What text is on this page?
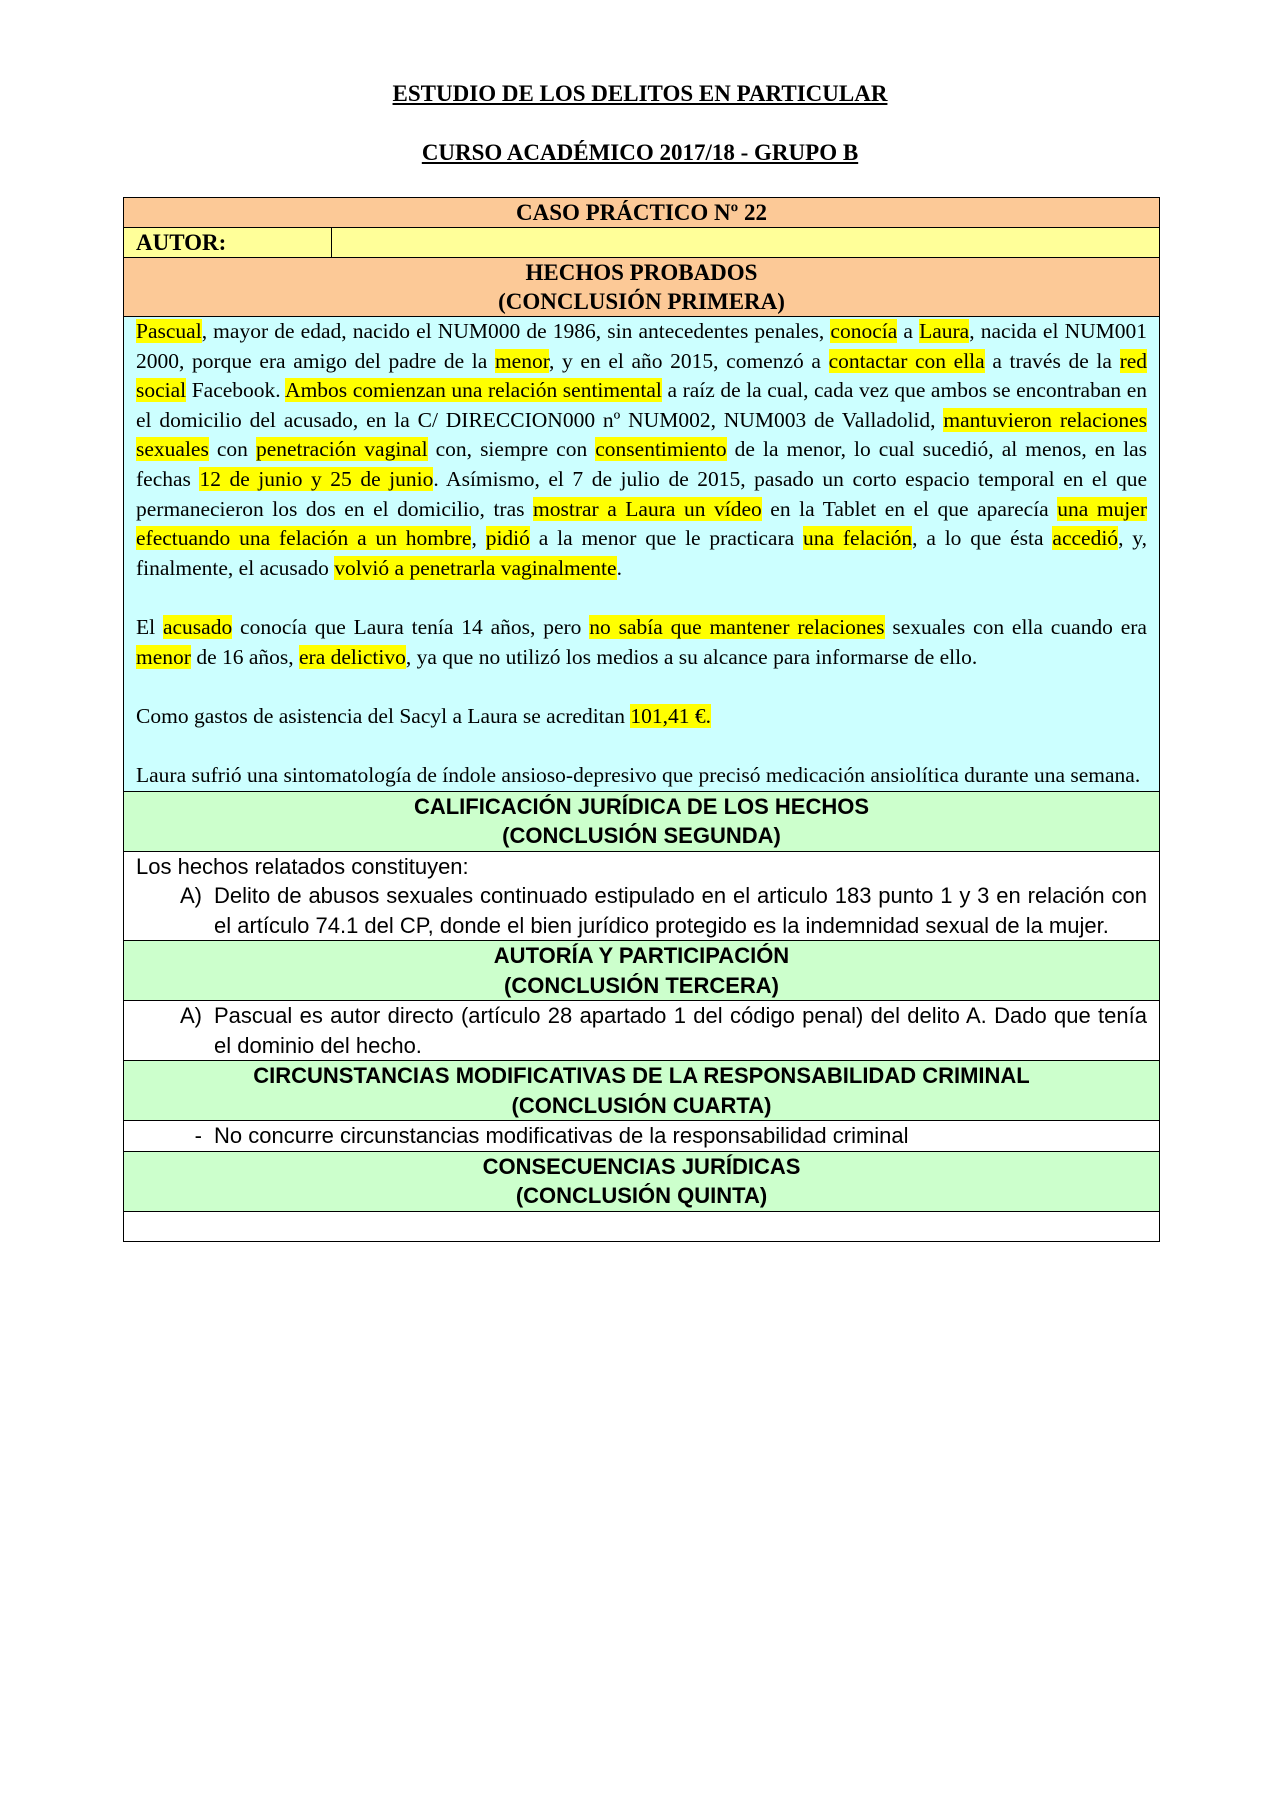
ESTUDIO DE LOS DELITOS EN PARTICULAR
CURSO ACADÉMICO 2017/18 - GRUPO B
CASO PRÁCTICO Nº 22
AUTOR:	

HECHOS PROBADOS
(CONCLUSIÓN PRIMERA)

Pascual, mayor de edad, nacido el NUM000 de 1986, sin antecedentes penales, conocía a Laura, nacida el NUM001 2000, porque era amigo del padre de la menor, y en el año 2015, comenzó a contactar con ella a través de la red social Facebook. Ambos comienzan una relación sentimental a raíz de la cual, cada vez que ambos se encontraban en el domicilio del acusado, en la C/ DIRECCION000 nº NUM002, NUM003 de Valladolid, mantuvieron relaciones sexuales con penetración vaginal con, siempre con consentimiento de la menor, lo cual sucedió, al menos, en las fechas 12 de junio y 25 de junio. Asímismo, el 7 de julio de 2015, pasado un corto espacio temporal en el que permanecieron los dos en el domicilio, tras mostrar a Laura un vídeo en la Tablet en el que aparecía una mujer efectuando una felación a un hombre, pidió a la menor que le practicara una felación, a lo que ésta accedió, y, finalmente, el acusado volvió a penetrarla vaginalmente.

El acusado conocía que Laura tenía 14 años, pero no sabía que mantener relaciones sexuales con ella cuando era menor de 16 años, era delictivo, ya que no utilizó los medios a su alcance para informarse de ello.

Como gastos de asistencia del Sacyl a Laura se acreditan 101,41 €.

Laura sufrió una sintomatología de índole ansioso-depresivo que precisó medicación ansiolítica durante una semana.

CALIFICACIÓN JURÍDICA DE LOS HECHOS
(CONCLUSIÓN SEGUNDA)

Los hechos relatados constituyen:
A) Delito de abusos sexuales continuado estipulado en el articulo 183 punto 1 y 3 en relación con el artículo 74.1 del CP, donde el bien jurídico protegido es la indemnidad sexual de la mujer.

AUTORÍA Y PARTICIPACIÓN
(CONCLUSIÓN TERCERA)

A) Pascual es autor directo (artículo 28 apartado 1 del código penal) del delito A. Dado que tenía el dominio del hecho.

CIRCUNSTANCIAS MODIFICATIVAS DE LA RESPONSABILIDAD CRIMINAL
(CONCLUSIÓN CUARTA)

- No concurre circunstancias modificativas de la responsabilidad criminal

CONSECUENCIAS JURÍDICAS
(CONCLUSIÓN QUINTA)
